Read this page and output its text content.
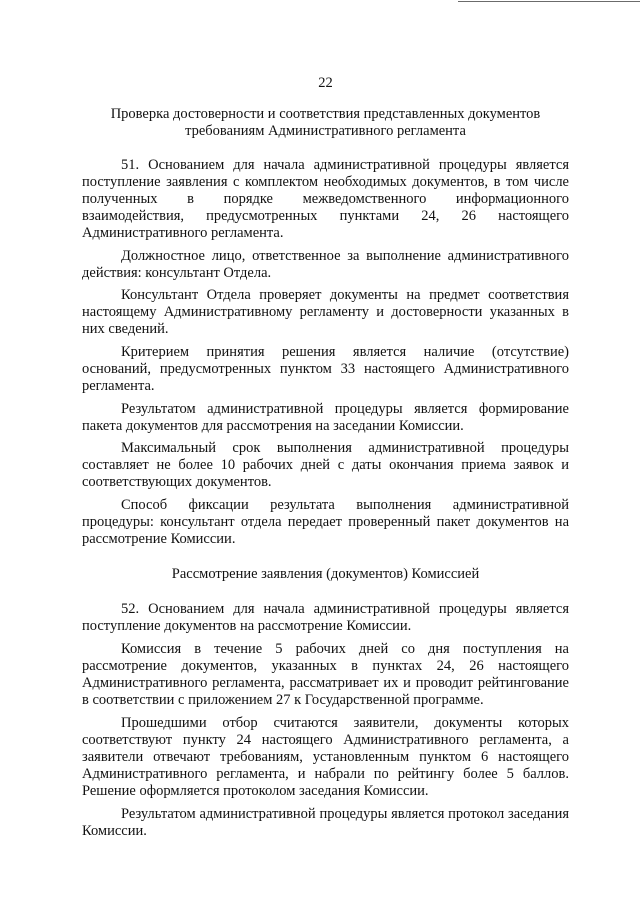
22
Проверка достоверности и соответствия представленных документов
требованиям Административного регламента

51. Основанием для начала административной процедуры является поступление заявления с комплектом необходимых документов, в том числе полученных в порядке межведомственного информационного взаимодействия, предусмотренных пунктами 24, 26 настоящего Административного регламента.

Должностное лицо, ответственное за выполнение административного действия: консультант Отдела.

Консультант Отдела проверяет документы на предмет соответствия настоящему Административному регламенту и достоверности указанных в них сведений.

Критерием принятия решения является наличие (отсутствие) оснований, предусмотренных пунктом 33 настоящего Административного регламента.

Результатом административной процедуры является формирование пакета документов для рассмотрения на заседании Комиссии.

Максимальный срок выполнения административной процедуры составляет не более 10 рабочих дней с даты окончания приема заявок и соответствующих документов.

Способ фиксации результата выполнения административной процедуры: консультант отдела передает проверенный пакет документов на рассмотрение Комиссии.

Рассмотрение заявления (документов) Комиссией

52. Основанием для начала административной процедуры является поступление документов на рассмотрение Комиссии.

Комиссия в течение 5 рабочих дней со дня поступления на рассмотрение документов, указанных в пунктах 24, 26 настоящего Административного регламента, рассматривает их и проводит рейтингование в соответствии с приложением 27 к Государственной программе.

Прошедшими отбор считаются заявители, документы которых соответствуют пункту 24 настоящего Административного регламента, а заявители отвечают требованиям, установленным пунктом 6 настоящего Административного регламента, и набрали по рейтингу более 5 баллов. Решение оформляется протоколом заседания Комиссии.

Результатом административной процедуры является протокол заседания Комиссии.
